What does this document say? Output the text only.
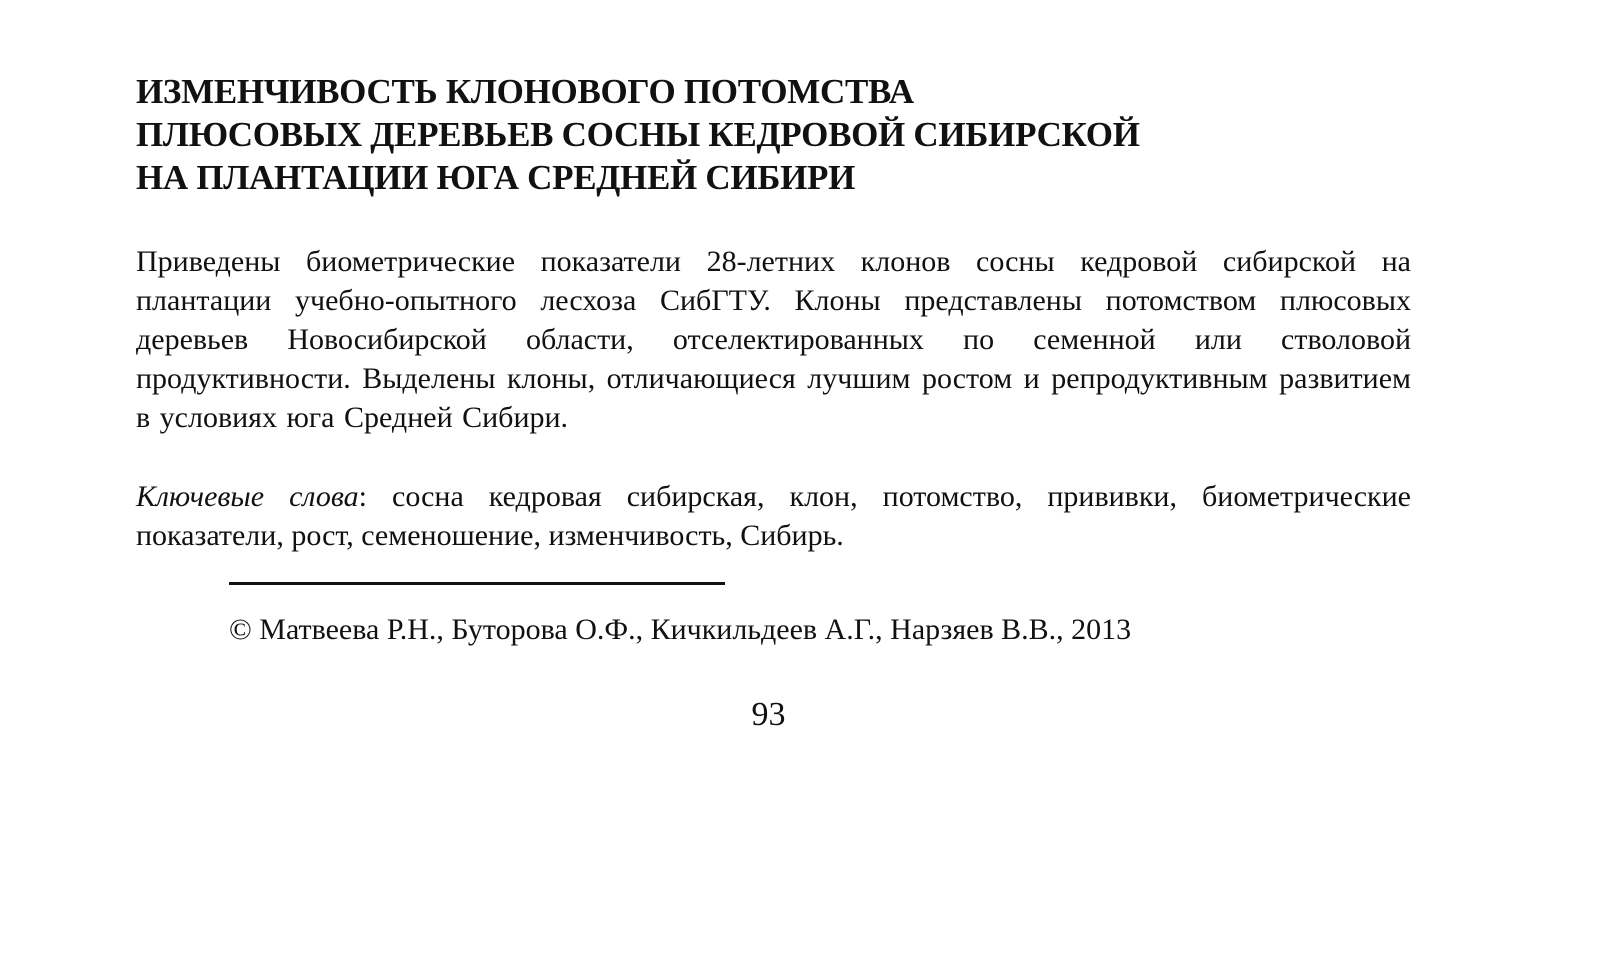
ИЗМЕНЧИВОСТЬ КЛОНОВОГО ПОТОМСТВА
ПЛЮСОВЫХ ДЕРЕВЬЕВ СОСНЫ КЕДРОВОЙ СИБИРСКОЙ
НА ПЛАНТАЦИИ ЮГА СРЕДНЕЙ СИБИРИ

Приведены биометрические показатели 28-летних клонов сосны кедровой сибирской на плантации учебно-опытного лесхоза СибГТУ. Клоны представлены потомством плюсовых деревьев Новосибирской области, отселектированных по семенной или стволовой продуктивности. Выделены клоны, отличающиеся лучшим ростом и репродуктивным развитием в условиях юга Средней Сибири.

Ключевые слова: сосна кедровая сибирская, клон, потомство, прививки, биометрические показатели, рост, семеношение, изменчивость, Сибирь.

© Матвеева Р.Н., Буторова О.Ф., Кичкильдеев А.Г., Нарзяев В.В., 2013

93
